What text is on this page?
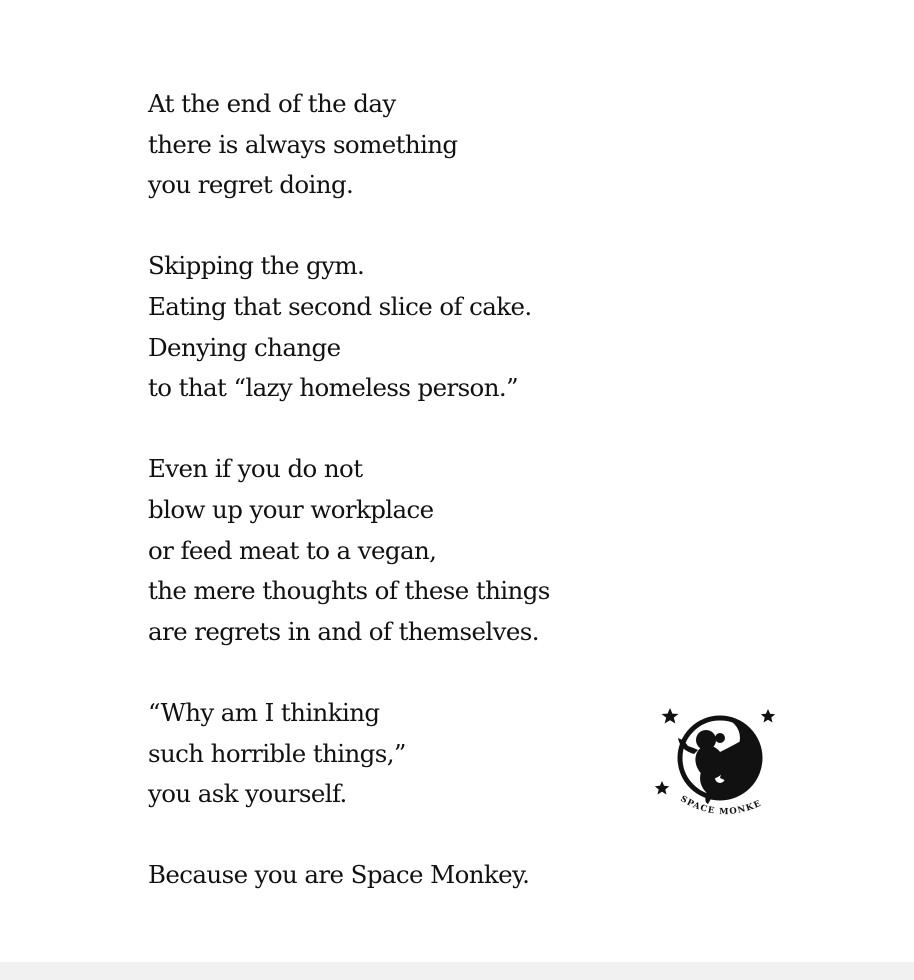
At the end of the day
there is always something
you regret doing.
Skipping the gym.
Eating that second slice of cake.
Denying change
to that “lazy homeless person.”
Even if you do not
blow up your workplace
or feed meat to a vegan,
the mere thoughts of these things
are regrets in and of themselves.
“Why am I thinking
such horrible things,”
you ask yourself.
Because you are Space Monkey.
SPACE MONKE
